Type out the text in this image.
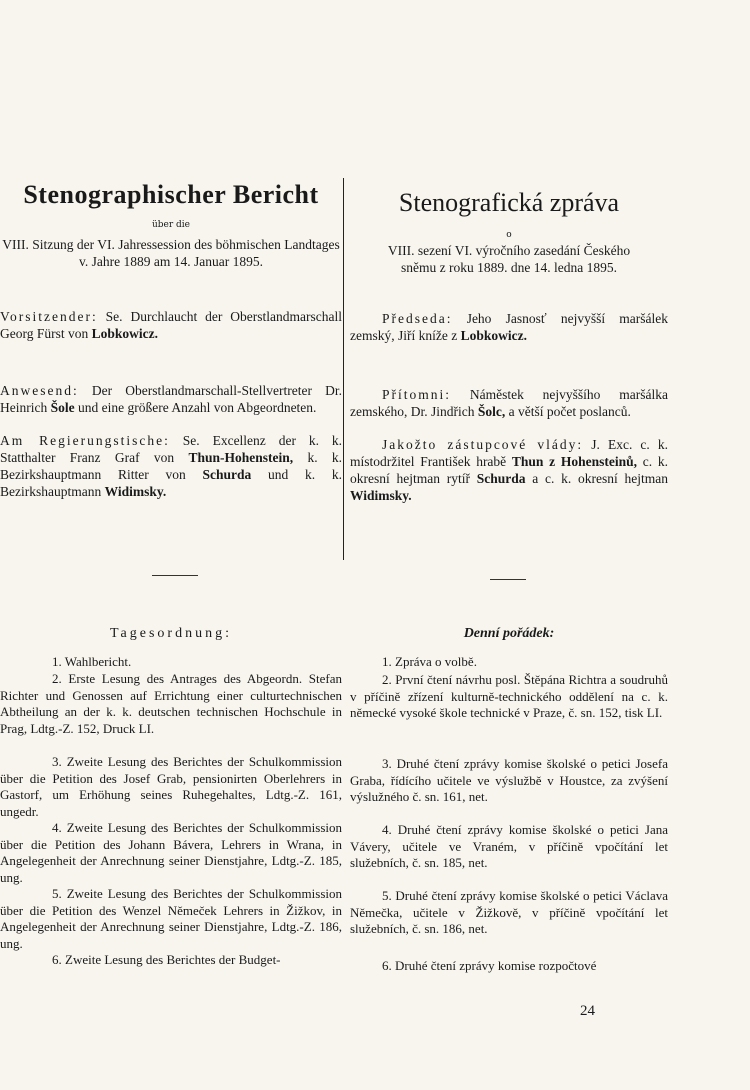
Stenographischer Bericht
über die
VIII. Sitzung der VI. Jahressession des böhmischen Landtages v. Jahre 1889 am 14. Januar 1895.
Vorsitzender: Se. Durchlaucht der Oberstlandmarschall Georg Fürst von Lobkowicz.
Anwesend: Der Oberstlandmarschall-Stellvertreter Dr. Heinrich Šole und eine größere Anzahl von Abgeordneten.
Am Regierungstische: Se. Excellenz der k. k. Statthalter Franz Graf von Thun-Hohenstein, k. k. Bezirkshauptmann Ritter von Schurda und k. k. Bezirkshauptmann Widimsky.
Tagesordnung:
1. Wahlbericht.
2. Erste Lesung des Antrages des Abgeordn. Stefan Richter und Genossen auf Errichtung einer culturtechnischen Abtheilung an der k. k. deutschen technischen Hochschule in Prag, Ldtg.-Z. 152, Druck LI.
3. Zweite Lesung des Berichtes der Schulkommission über die Petition des Josef Grab, pensionirten Oberlehrers in Gastorf, um Erhöhung seines Ruhegehaltes, Ldtg.-Z. 161, ungedr.
4. Zweite Lesung des Berichtes der Schulkommission über die Petition des Johann Bávera, Lehrers in Wrana, in Angelegenheit der Anrechnung seiner Dienstjahre, Ldtg.-Z. 185, ung.
5. Zweite Lesung des Berichtes der Schulkommission über die Petition des Wenzel Němeček Lehrers in Žižkov, in Angelegenheit der Anrechnung seiner Dienstjahre, Ldtg.-Z. 186, ung.
6. Zweite Lesung des Berichtes der Budget-
Stenografická zpráva
o
VIII. sezení VI. výročního zasedání Českého
sněmu z roku 1889. dne 14. ledna 1895.
Předseda: Jeho Jasnosť nejvyšší maršálek zemský, Jiří kníže z Lobkowicz.
Přítomni: Náměstek nejvyššího maršálka zemského, Dr. Jindřich Šolc, a větší počet poslanců.
Jakožto zástupcové vlády: J. Exc. c. k. místodržitel František hrabě Thun z Hohensteinů, c. k. okresní hejtman rytíř Schurda a c. k. okresní hejtman Widimsky.
Denní pořádek:
1. Zpráva o volbě.
2. První čtení návrhu posl. Štěpána Richtra a soudruhů v příčině zřízení kulturně-technického oddělení na c. k. německé vysoké škole technické v Praze, č. sn. 152, tisk LI.
3. Druhé čtení zprávy komise školské o petici Josefa Graba, řídícího učitele ve výslužbě v Houstce, za zvýšení výslužného č. sn. 161, net.
4. Druhé čtení zprávy komise školské o petici Jana Vávery, učitele ve Vraném, v příčině vpočítání let služebních, č. sn. 185, net.
5. Druhé čtení zprávy komise školské o petici Václava Němečka, učitele v Žižkově, v příčině vpočítání let služebních, č. sn. 186, net.
6. Druhé čtení zprávy komise rozpočtové
24
